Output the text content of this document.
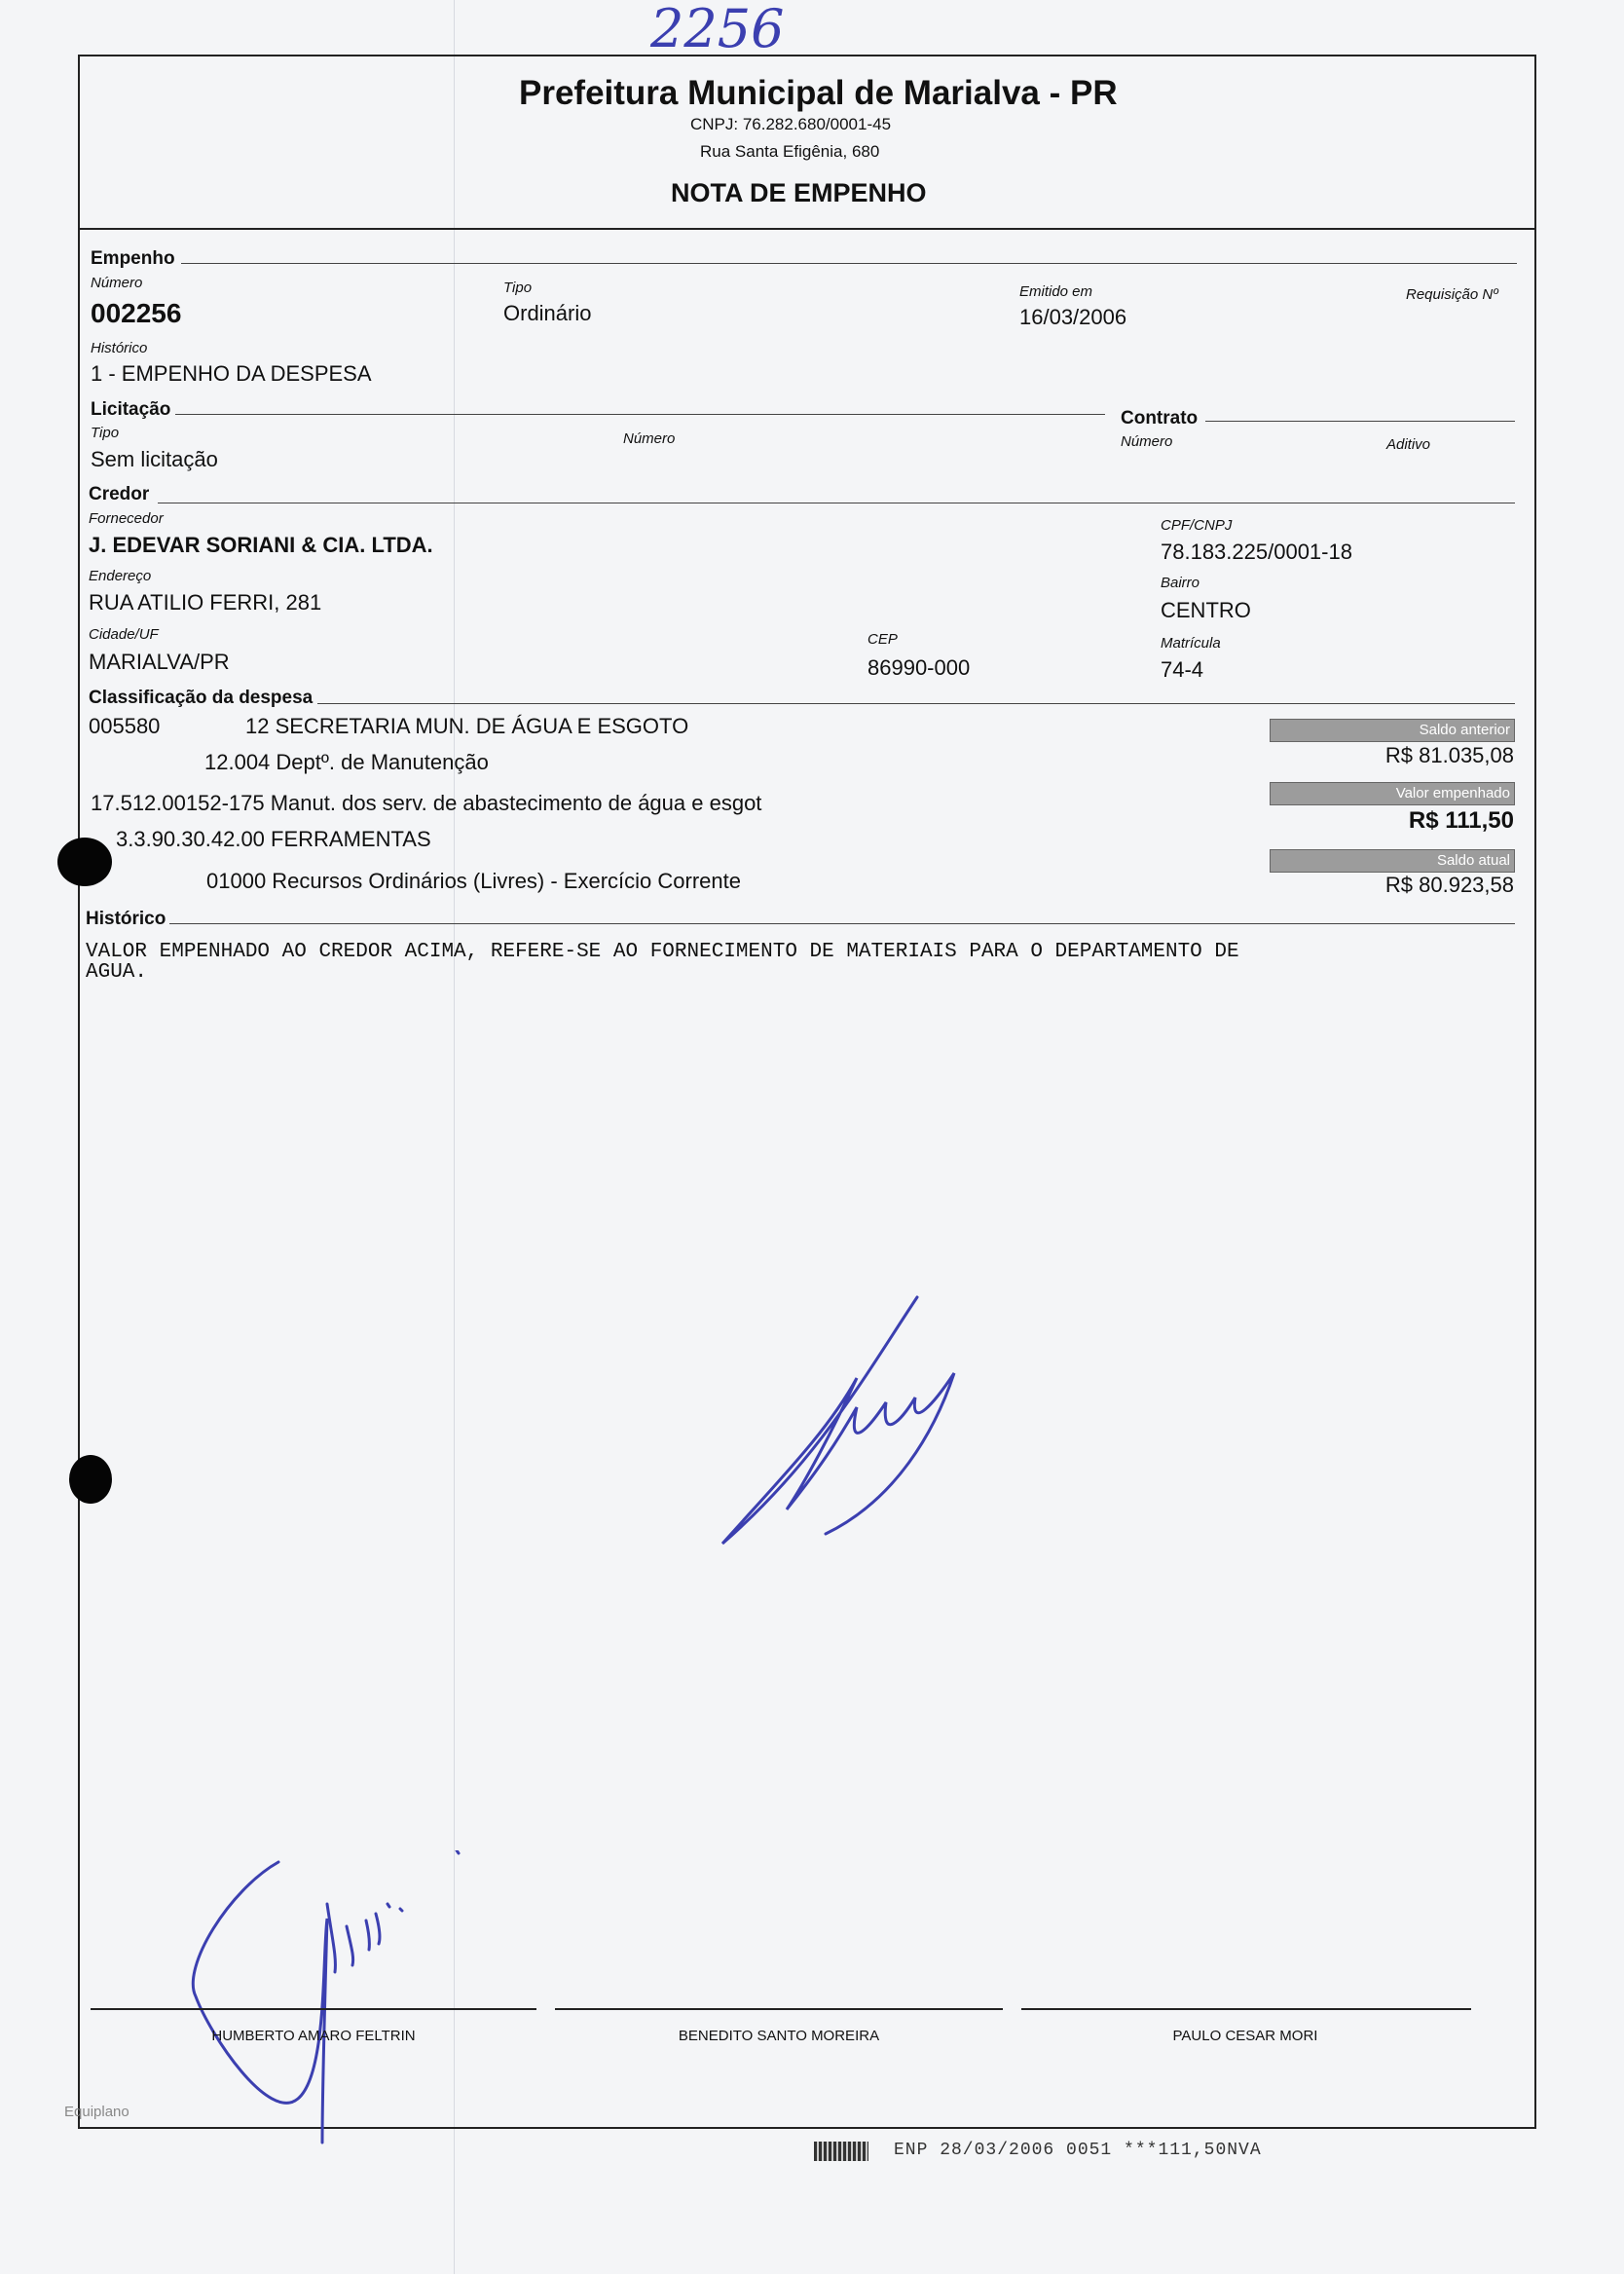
2256
Prefeitura Municipal de Marialva - PR
CNPJ: 76.282.680/0001-45
Rua Santa Efigênia, 680
NOTA DE EMPENHO
Empenho
Número
002256
Tipo
Ordinário
Emitido em
16/03/2006
Requisição Nº
Histórico
1 - EMPENHO DA DESPESA
Licitação	Contrato
Tipo
Sem licitação
Número	Número	Aditivo
Credor
Fornecedor
J. EDEVAR SORIANI & CIA. LTDA.
CPF/CNPJ
78.183.225/0001-18
Endereço
RUA ATILIO FERRI, 281
Bairro
CENTRO
Cidade/UF
MARIALVA/PR
CEP
86990-000
Matrícula
74-4
Classificação da despesa
005580	12 SECRETARIA MUN. DE ÁGUA E ESGOTO
12.004 Deptº. de Manutenção
17.512.00152-175 Manut. dos serv. de abastecimento de água e esgot
3.3.90.30.42.00 FERRAMENTAS
01000 Recursos Ordinários (Livres) - Exercício Corrente
Saldo anterior
R$ 81.035,08
Valor empenhado
R$ 111,50
Saldo atual
R$ 80.923,58
Histórico
VALOR EMPENHADO AO CREDOR ACIMA, REFERE-SE AO FORNECIMENTO DE MATERIAIS PARA O DEPARTAMENTO DE
AGUA.
HUMBERTO AMARO FELTRIN	BENEDITO SANTO MOREIRA	PAULO CESAR MORI
Equiplano
ENP 28/03/2006 0051 ***111,50NVA
